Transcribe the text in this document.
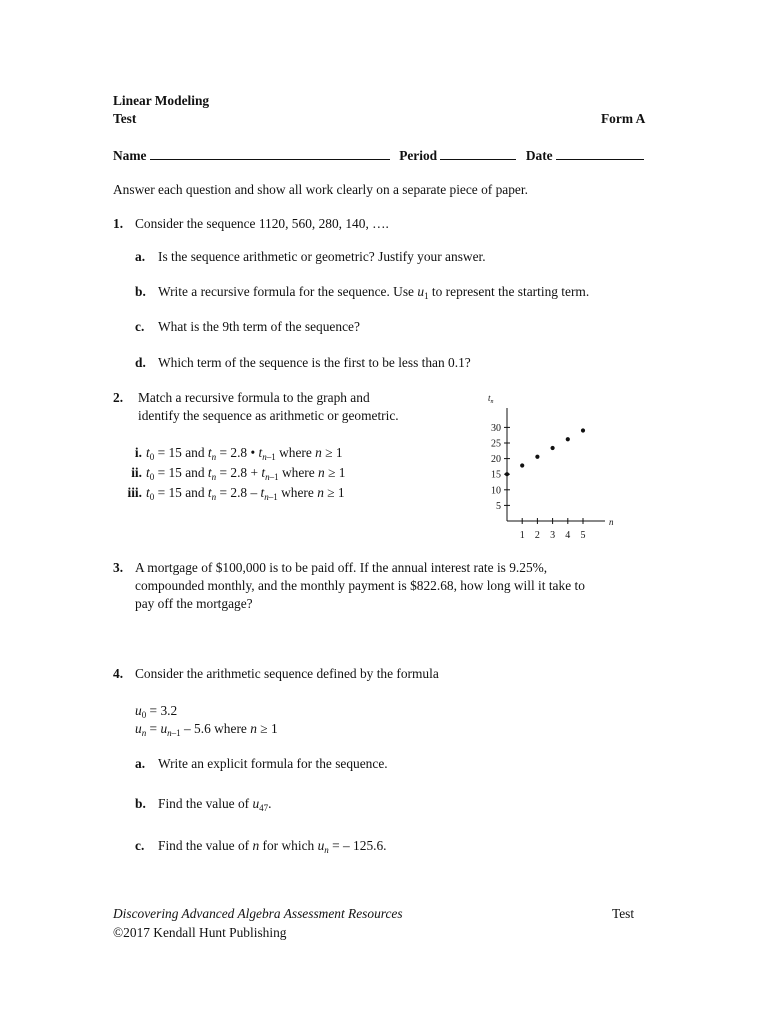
Linear Modeling
Test	Form A
Name	Period	Date
Answer each question and show all work clearly on a separate piece of paper.
1. Consider the sequence 1120, 560, 280, 140, ….
a. Is the sequence arithmetic or geometric? Justify your answer.
b. Write a recursive formula for the sequence. Use $u_1$ to represent the starting term.
c. What is the 9th term of the sequence?
d. Which term of the sequence is the first to be less than 0.1?
2. Match a recursive formula to the graph and
identify the sequence as arithmetic or geometric.
i. $t_0 = 15$ and $t_n = 2.8$ • $t_{n-1}$ where n ≥ 1
ii. $t_0 = 15$ and $t_n = 2.8 + t_{n-1}$ where n ≥ 1
iii. $t_0 = 15$ and $t_n = 2.8 - t_{n-1}$ where n ≥ 1
5
10
15
20
25
30
1 2 3 4 5
n
$t_n$
3. A mortgage of $100,000 is to be paid off. If the annual interest rate is 9.25%,
compounded monthly, and the monthly payment is $822.68, how long will it take to
pay off the mortgage?
4. Consider the arithmetic sequence defined by the formula
$u_0 = 3.2$
$u_n = u_{n-1} - 5.6$ where n ≥ 1
a. Write an explicit formula for the sequence.
b. Find the value of $u_{47}$.
c. Find the value of n for which $u_n$ = – 125.6.
Discovering Advanced Algebra Assessment Resources	Test
©2017 Kendall Hunt Publishing
